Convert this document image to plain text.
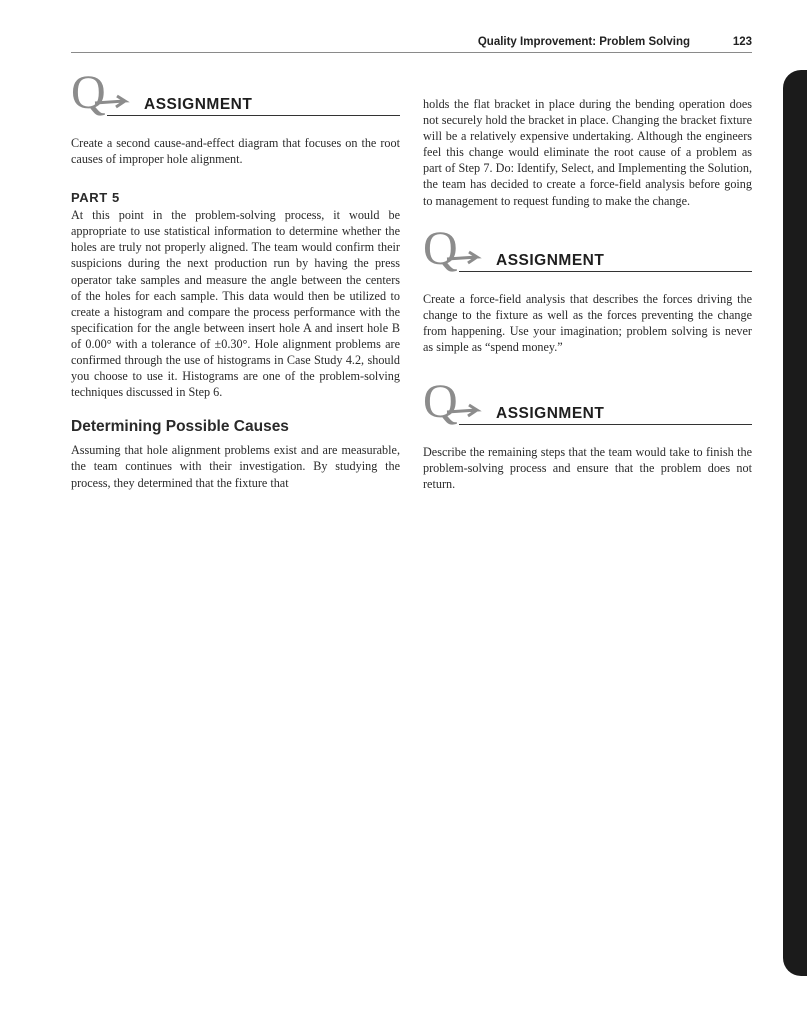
Quality Improvement: Problem Solving	123
Q ASSIGNMENT

Create a second cause-and-effect diagram that focuses on the root causes of improper hole alignment.

PART 5

At this point in the problem-solving process, it would be appropriate to use statistical information to determine whether the holes are truly not properly aligned. The team would confirm their suspicions during the next production run by having the press operator take samples and measure the angle between the centers of the holes for each sample. This data would then be utilized to create a histogram and compare the process performance with the specification for the angle between insert hole A and insert hole B of 0.00° with a tolerance of ±0.30°. Hole alignment problems are confirmed through the use of histograms in Case Study 4.2, should you choose to use it. Histograms are one of the problem-solving techniques discussed in Step 6.

Determining Possible Causes

Assuming that hole alignment problems exist and are measurable, the team continues with their investigation. By studying the process, they determined that the fixture that

holds the flat bracket in place during the bending operation does not securely hold the bracket in place. Changing the bracket fixture will be a relatively expensive undertaking. Although the engineers feel this change would eliminate the root cause of a problem as part of Step 7. Do: Identify, Select, and Implementing the Solution, the team has decided to create a force-field analysis before going to management to request funding to make the change.

Q ASSIGNMENT

Create a force-field analysis that describes the forces driving the change to the fixture as well as the forces preventing the change from happening. Use your imagination; problem solving is never as simple as “spend money.”

Q ASSIGNMENT

Describe the remaining steps that the team would take to finish the problem-solving process and ensure that the problem does not return.
